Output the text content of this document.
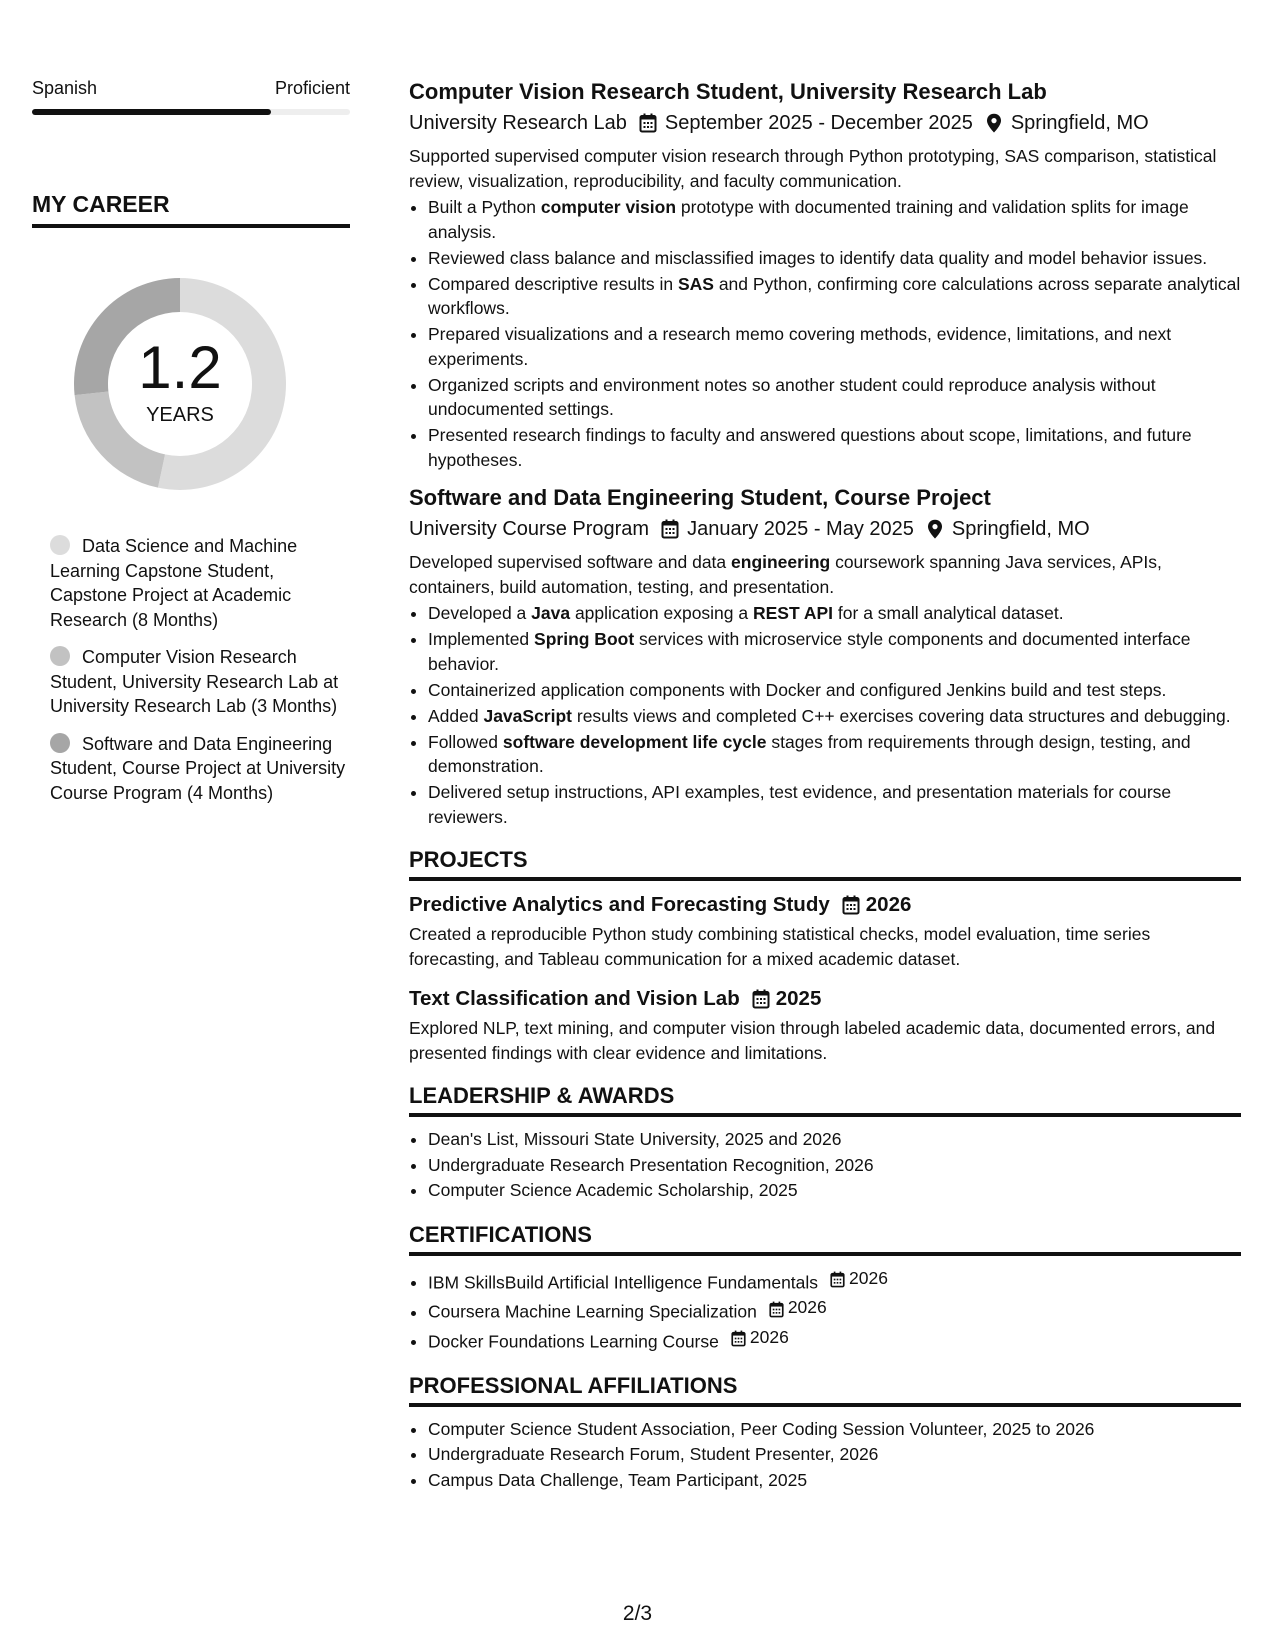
Spanish	Proficient
MY CAREER
1.2
YEARS
Data Science and Machine Learning Capstone Student, Capstone Project at Academic Research (8 Months)
Computer Vision Research Student, University Research Lab at University Research Lab (3 Months)
Software and Data Engineering Student, Course Project at University Course Program (4 Months)
Computer Vision Research Student, University Research Lab
University Research Lab September 2025 - December 2025 Springfield, MO
Supported supervised computer vision research through Python prototyping, SAS comparison, statistical review, visualization, reproducibility, and faculty communication.
• Built a Python computer vision prototype with documented training and validation splits for image analysis.
• Reviewed class balance and misclassified images to identify data quality and model behavior issues.
• Compared descriptive results in SAS and Python, confirming core calculations across separate analytical workflows.
• Prepared visualizations and a research memo covering methods, evidence, limitations, and next experiments.
• Organized scripts and environment notes so another student could reproduce analysis without undocumented settings.
• Presented research findings to faculty and answered questions about scope, limitations, and future hypotheses.
Software and Data Engineering Student, Course Project
University Course Program January 2025 - May 2025 Springfield, MO
Developed supervised software and data engineering coursework spanning Java services, APIs, containers, build automation, testing, and presentation.
• Developed a Java application exposing a REST API for a small analytical dataset.
• Implemented Spring Boot services with microservice style components and documented interface behavior.
• Containerized application components with Docker and configured Jenkins build and test steps.
• Added JavaScript results views and completed C++ exercises covering data structures and debugging.
• Followed software development life cycle stages from requirements through design, testing, and demonstration.
• Delivered setup instructions, API examples, test evidence, and presentation materials for course reviewers.
PROJECTS
Predictive Analytics and Forecasting Study 2026
Created a reproducible Python study combining statistical checks, model evaluation, time series forecasting, and Tableau communication for a mixed academic dataset.
Text Classification and Vision Lab 2025
Explored NLP, text mining, and computer vision through labeled academic data, documented errors, and presented findings with clear evidence and limitations.
LEADERSHIP & AWARDS
• Dean's List, Missouri State University, 2025 and 2026
• Undergraduate Research Presentation Recognition, 2026
• Computer Science Academic Scholarship, 2025
CERTIFICATIONS
• IBM SkillsBuild Artificial Intelligence Fundamentals 2026
• Coursera Machine Learning Specialization 2026
• Docker Foundations Learning Course 2026
PROFESSIONAL AFFILIATIONS
• Computer Science Student Association, Peer Coding Session Volunteer, 2025 to 2026
• Undergraduate Research Forum, Student Presenter, 2026
• Campus Data Challenge, Team Participant, 2025
2/3
